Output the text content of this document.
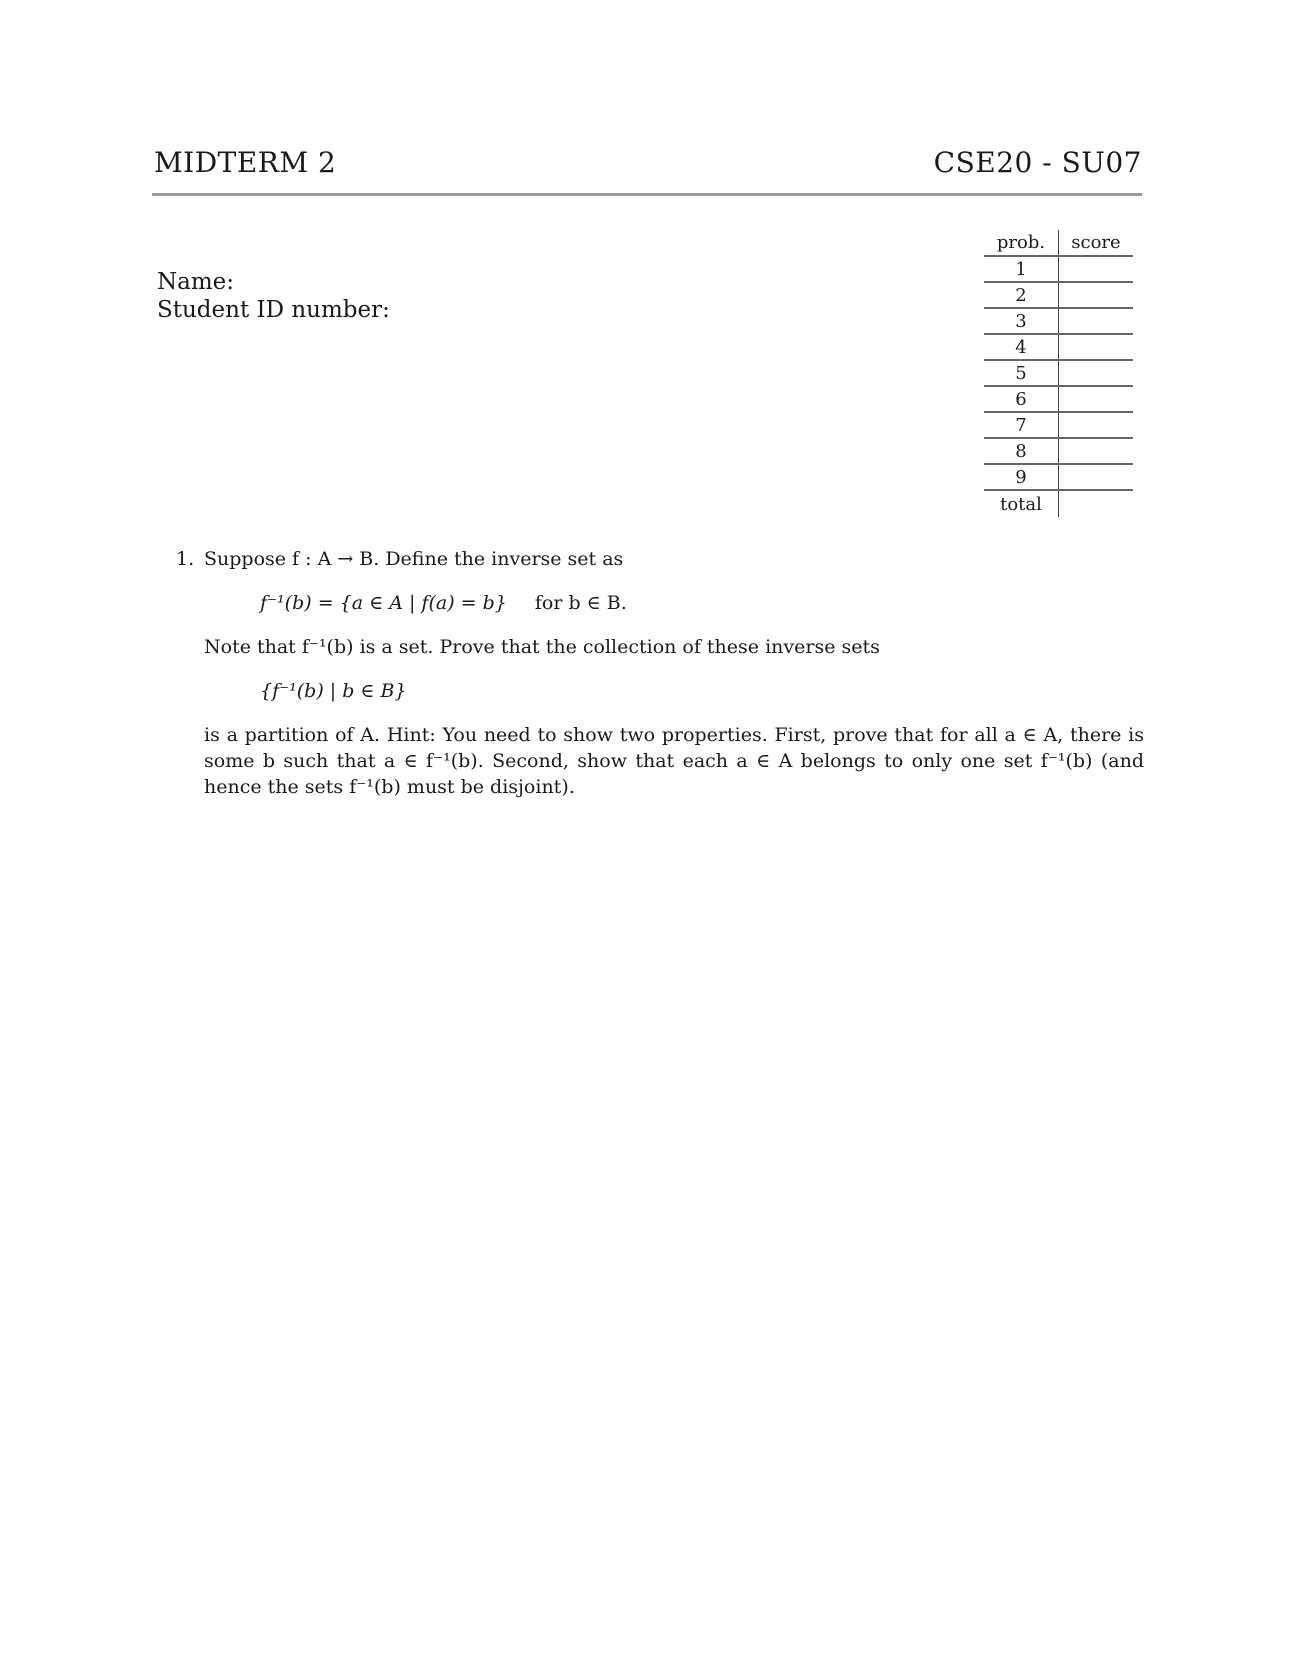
MIDTERM 2	CSE20 - SU07
Name:
Student ID number:
prob.	score
1	
2	
3	
4	
5	
6	
7	
8	
9	
total	

1. Suppose f : A → B. Define the inverse set as

f⁻¹(b) = {a ∈ A | f(a) = b} for b ∈ B.

Note that f⁻¹(b) is a set. Prove that the collection of these inverse sets

{f⁻¹(b) | b ∈ B}

is a partition of A. Hint: You need to show two properties. First, prove that for all a ∈ A, there is some b such that a ∈ f⁻¹(b). Second, show that each a ∈ A belongs to only one set f⁻¹(b) (and hence the sets f⁻¹(b) must be disjoint).
